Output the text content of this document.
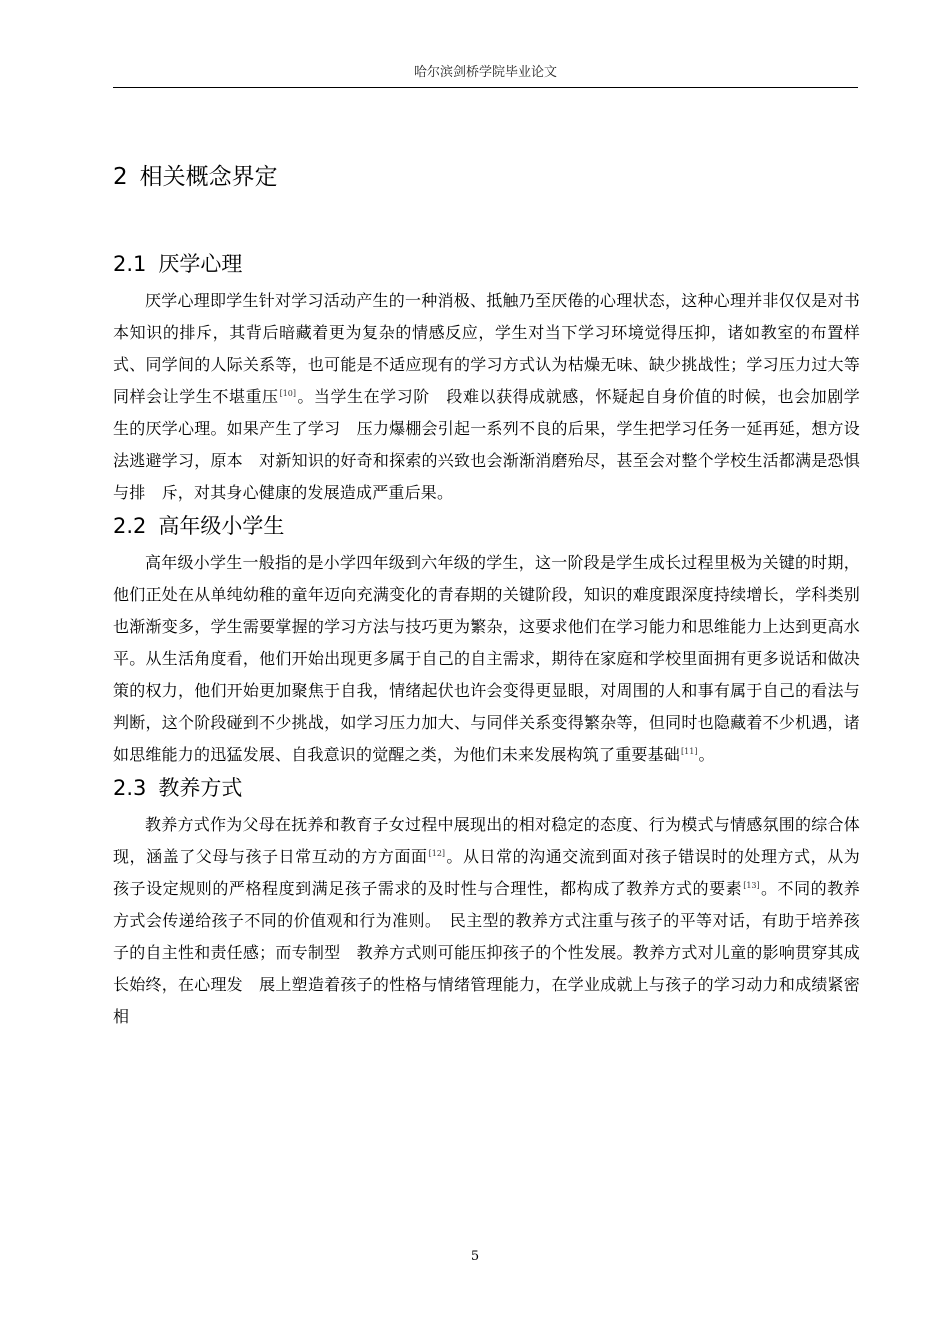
哈尔滨剑桥学院毕业论文
2 相关概念界定
2.1 厌学心理

厌学心理即学生针对学习活动产生的一种消极、抵触乃至厌倦的心理状态，这种心理并非仅仅是对书本知识的排斥，其背后暗藏着更为复杂的情感反应，学生对当下学习环境觉得压抑，诸如教室的布置样式、同学间的人际关系等，也可能是不适应现有的学习方式认为枯燥无味、缺少挑战性；学习压力过大等同样会让学生不堪重压[10]。当学生在学习阶　段难以获得成就感，怀疑起自身价值的时候，也会加剧学生的厌学心理。如果产生了学习　压力爆棚会引起一系列不良的后果，学生把学习任务一延再延，想方设法逃避学习，原本　对新知识的好奇和探索的兴致也会渐渐消磨殆尽，甚至会对整个学校生活都满是恐惧与排　斥，对其身心健康的发展造成严重后果。

2.2 高年级小学生

高年级小学生一般指的是小学四年级到六年级的学生，这一阶段是学生成长过程里极为关键的时期，他们正处在从单纯幼稚的童年迈向充满变化的青春期的关键阶段，知识的难度跟深度持续增长，学科类别也渐渐变多，学生需要掌握的学习方法与技巧更为繁杂，这要求他们在学习能力和思维能力上达到更高水平。从生活角度看，他们开始出现更多属于自己的自主需求，期待在家庭和学校里面拥有更多说话和做决策的权力，他们开始更加聚焦于自我，情绪起伏也许会变得更显眼，对周围的人和事有属于自己的看法与判断，这个阶段碰到不少挑战，如学习压力加大、与同伴关系变得繁杂等，但同时也隐藏着不少机遇，诸如思维能力的迅猛发展、自我意识的觉醒之类，为他们未来发展构筑了重要基础[11]。

2.3 教养方式

教养方式作为父母在抚养和教育子女过程中展现出的相对稳定的态度、行为模式与情感氛围的综合体现，涵盖了父母与孩子日常互动的方方面面[12]。从日常的沟通交流到面对孩子错误时的处理方式，从为孩子设定规则的严格程度到满足孩子需求的及时性与合理性，都构成了教养方式的要素[13]。不同的教养方式会传递给孩子不同的价值观和行为准则。　民主型的教养方式注重与孩子的平等对话，有助于培养孩子的自主性和责任感；而专制型　教养方式则可能压抑孩子的个性发展。教养方式对儿童的影响贯穿其成长始终，在心理发　展上塑造着孩子的性格与情绪管理能力，在学业成就上与孩子的学习动力和成绩紧密相

5
